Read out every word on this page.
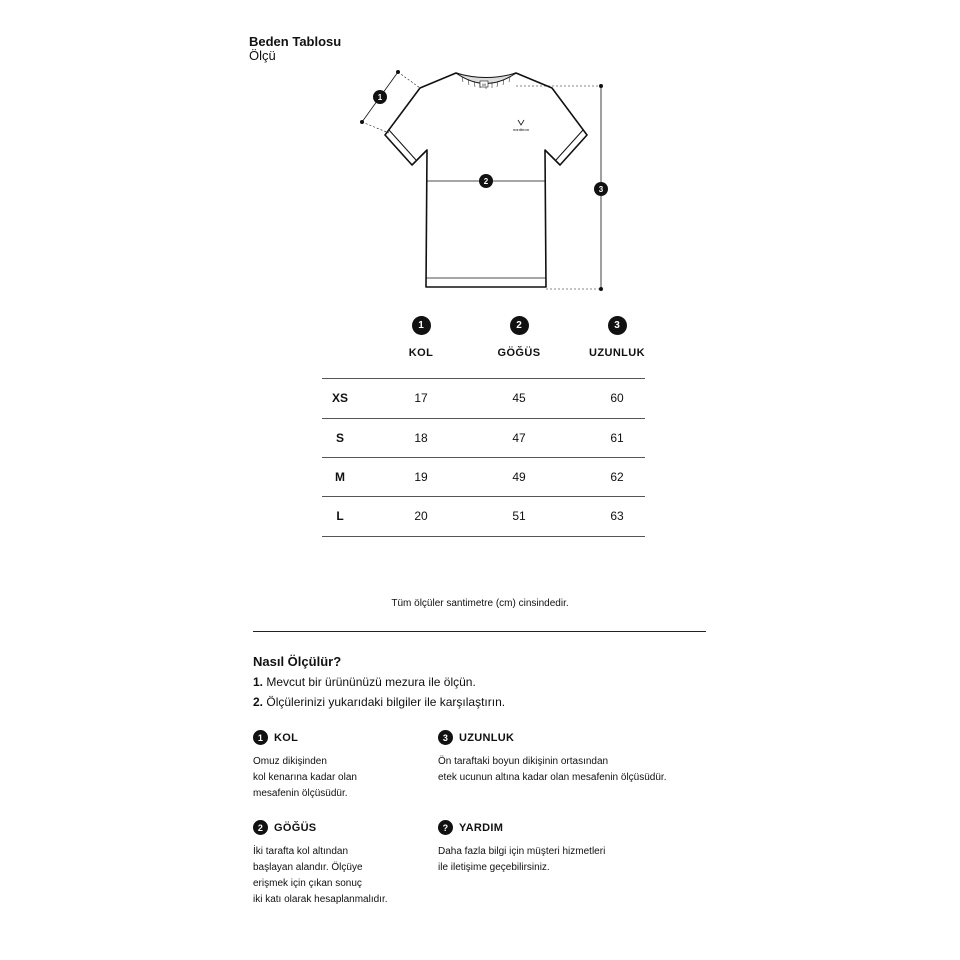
Beden Tablosu
Ölçü
M
nordbron
1
2
3
1	2	3
KOL	GÖĞÜS	UZUNLUK
XS	17	45	60
S	18	47	61
M	19	49	62
L	20	51	63
Tüm ölçüler santimetre (cm) cinsindedir.
Nasıl Ölçülür?
1. Mevcut bir ürününüzü mezura ile ölçün.
2. Ölçülerinizi yukarıdaki bilgiler ile karşılaştırın.
1 KOL
Omuz dikişinden
kol kenarına kadar olan
mesafenin ölçüsüdür.
3 UZUNLUK
Ön taraftaki boyun dikişinin ortasından
etek ucunun altına kadar olan mesafenin ölçüsüdür.
2 GÖĞÜS
İki tarafta kol altından
başlayan alandır. Ölçüye
erişmek için çıkan sonuç
iki katı olarak hesaplanmalıdır.
? YARDIM
Daha fazla bilgi için müşteri hizmetleri
ile iletişime geçebilirsiniz.
